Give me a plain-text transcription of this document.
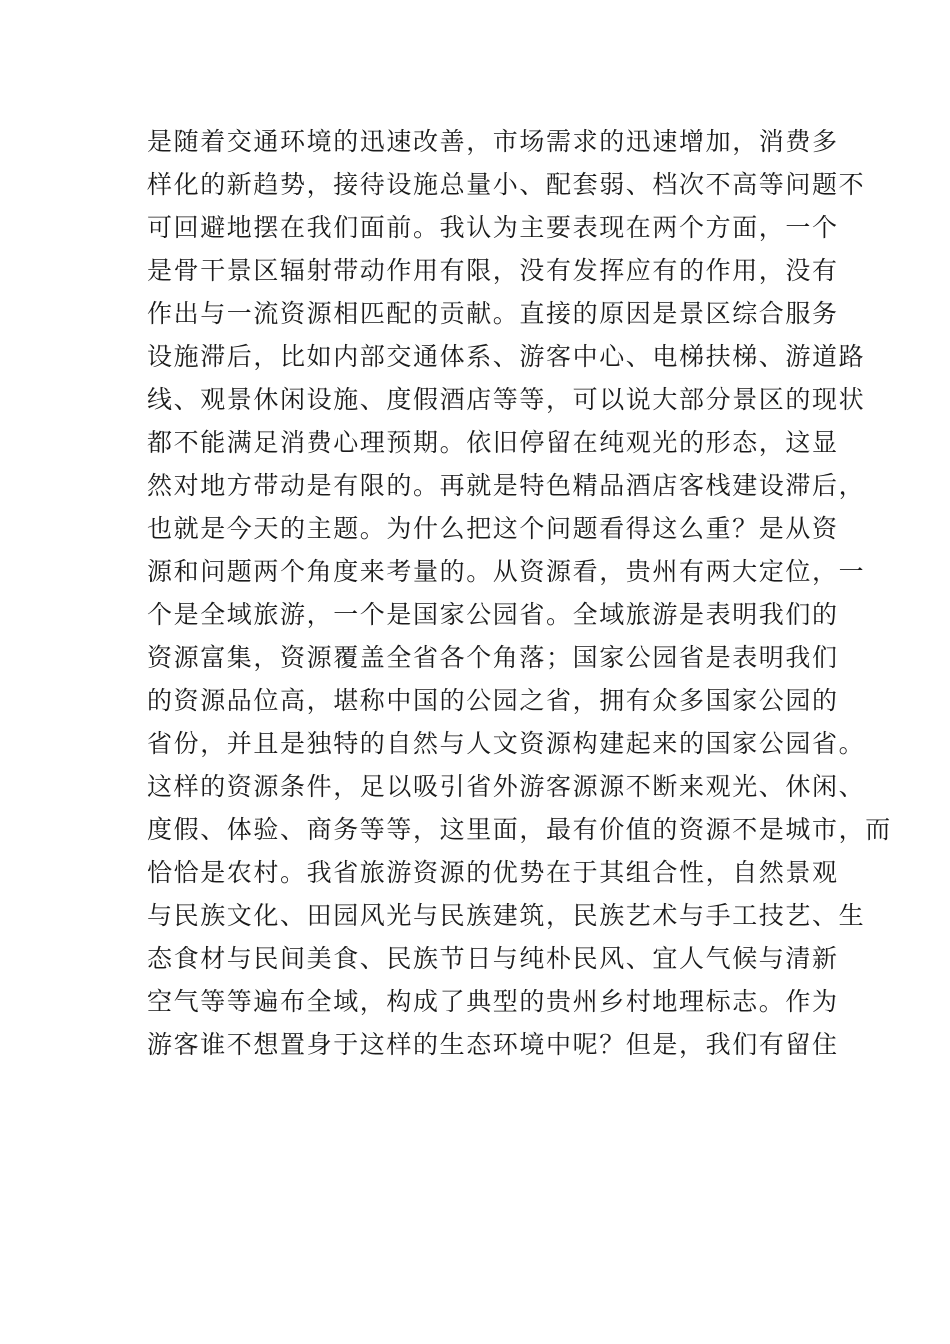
是随着交通环境的迅速改善，市场需求的迅速增加，消费多
样化的新趋势，接待设施总量小、配套弱、档次不高等问题不
可回避地摆在我们面前。我认为主要表现在两个方面，一个
是骨干景区辐射带动作用有限，没有发挥应有的作用，没有
作出与一流资源相匹配的贡献。直接的原因是景区综合服务
设施滞后，比如内部交通体系、游客中心、电梯扶梯、游道路
线、观景休闲设施、度假酒店等等，可以说大部分景区的现状
都不能满足消费心理预期。依旧停留在纯观光的形态，这显
然对地方带动是有限的。再就是特色精品酒店客栈建设滞后，
也就是今天的主题。为什么把这个问题看得这么重？是从资
源和问题两个角度来考量的。从资源看，贵州有两大定位，一
个是全域旅游，一个是国家公园省。全域旅游是表明我们的
资源富集，资源覆盖全省各个角落；国家公园省是表明我们
的资源品位高，堪称中国的公园之省，拥有众多国家公园的
省份，并且是独特的自然与人文资源构建起来的国家公园省。
这样的资源条件，足以吸引省外游客源源不断来观光、休闲、
度假、体验、商务等等，这里面，最有价值的资源不是城市，而
恰恰是农村。我省旅游资源的优势在于其组合性，自然景观
与民族文化、田园风光与民族建筑，民族艺术与手工技艺、生
态食材与民间美食、民族节日与纯朴民风、宜人气候与清新
空气等等遍布全域，构成了典型的贵州乡村地理标志。作为
游客谁不想置身于这样的生态环境中呢？但是，我们有留住
